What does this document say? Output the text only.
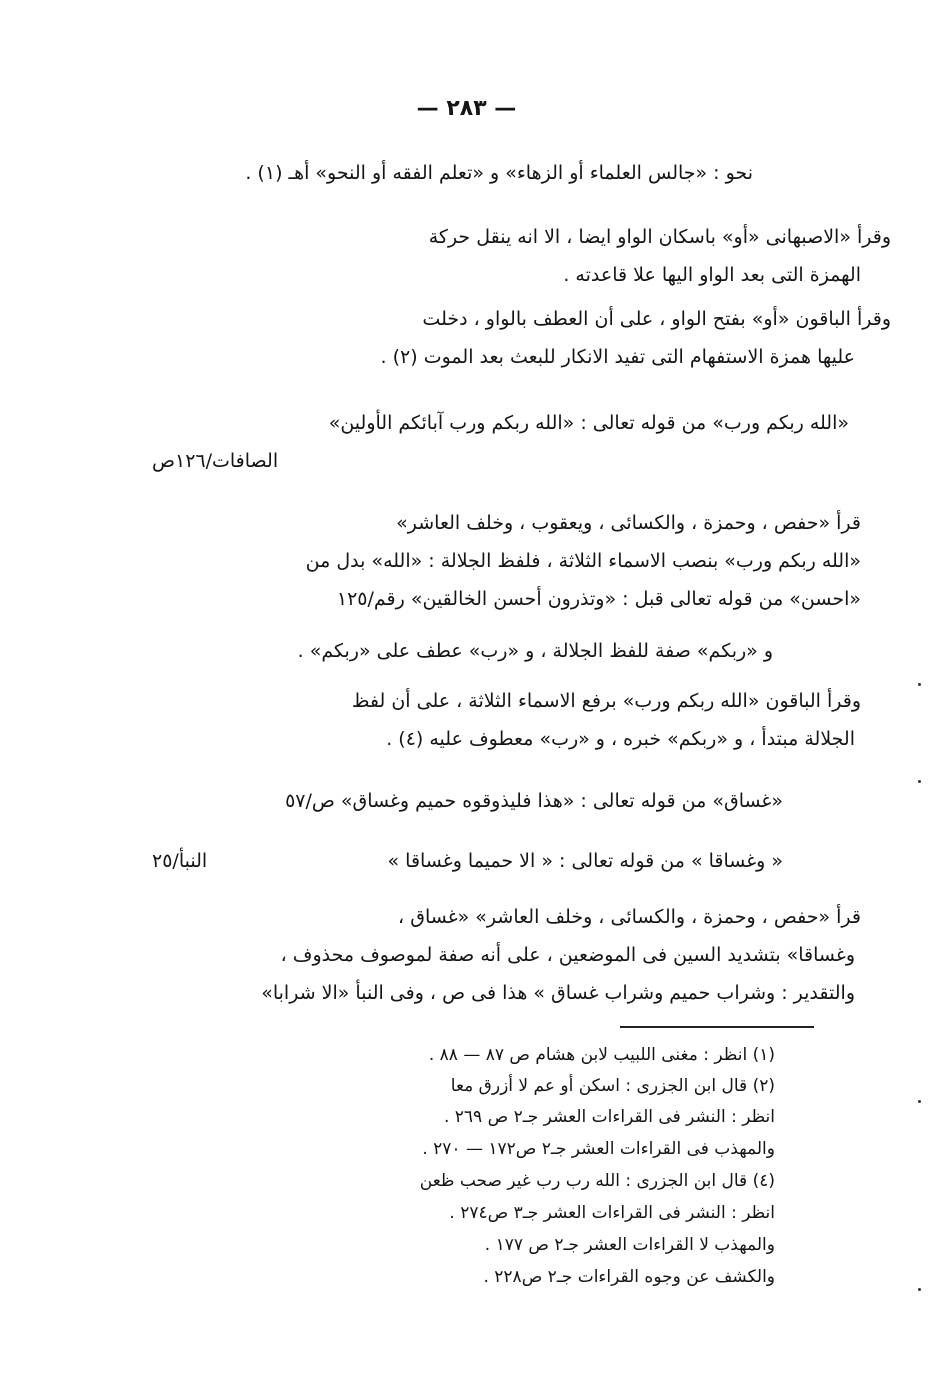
— ٢٨٣ —
نحو : «جالس العلماء أو الزهاء» و «تعلم الفقه أو النحو» أهـ (١) .
وقرأ «الاصبهانى «أو» باسكان الواو ايضا ، الا انه ينقل حركة
الهمزة التى بعد الواو اليها علا قاعدته .
وقرأ الباقون «أو» بفتح الواو ، على أن العطف بالواو ، دخلت
عليها همزة الاستفهام التى تفيد الانكار للبعث بعد الموت (٢) .
«الله ربكم ورب» من قوله تعالى : «الله ربكم ورب آبائكم الأولين»
الصافات/١٢٦ص
قرأ «حفص ، وحمزة ، والكسائى ، ويعقوب ، وخلف العاشر»
«الله ربكم ورب» بنصب الاسماء الثلاثة ، فلفظ الجلالة : «الله» بدل من
«احسن» من قوله تعالى قبل : «وتذرون أحسن الخالقين» رقم/١٢٥
و «ربكم» صفة للفظ الجلالة ، و «رب» عطف على «ربكم» .
وقرأ الباقون «الله ربكم ورب» برفع الاسماء الثلاثة ، على أن لفظ
الجلالة مبتدأ ، و «ربكم» خبره ، و «رب» معطوف عليه (٤) .
«غساق» من قوله تعالى : «هذا فليذوقوه حميم وغساق» ص/٥٧
« وغساقا » من قوله تعالى : « الا حميما وغساقا »
النبأ/٢٥
قرأ «حفص ، وحمزة ، والكسائى ، وخلف العاشر» «غساق ،
وغساقا» بتشديد السين فى الموضعين ، على أنه صفة لموصوف محذوف ،
والتقدير : وشراب حميم وشراب غساق » هذا فى ص ، وفى النبأ «الا شرابا»
(١) انظر : مغنى اللبيب لابن هشام ص ٨٧ — ٨٨ .
(٢) قال ابن الجزرى : اسكن أو عم لا أزرق معا
انظر : النشر فى القراءات العشر جـ٢ ص ٢٦٩ .
والمهذب فى القراءات العشر جـ٢ ص١٧٢ — ٢٧٠ .
(٤) قال ابن الجزرى : الله رب رب غير صحب ظعن
انظر : النشر فى القراءات العشر جـ٣ ص٢٧٤ .
والمهذب لا القراءات العشر جـ٢ ص ١٧٧ .
والكشف عن وجوه القراءات جـ٢ ص٢٢٨ .
